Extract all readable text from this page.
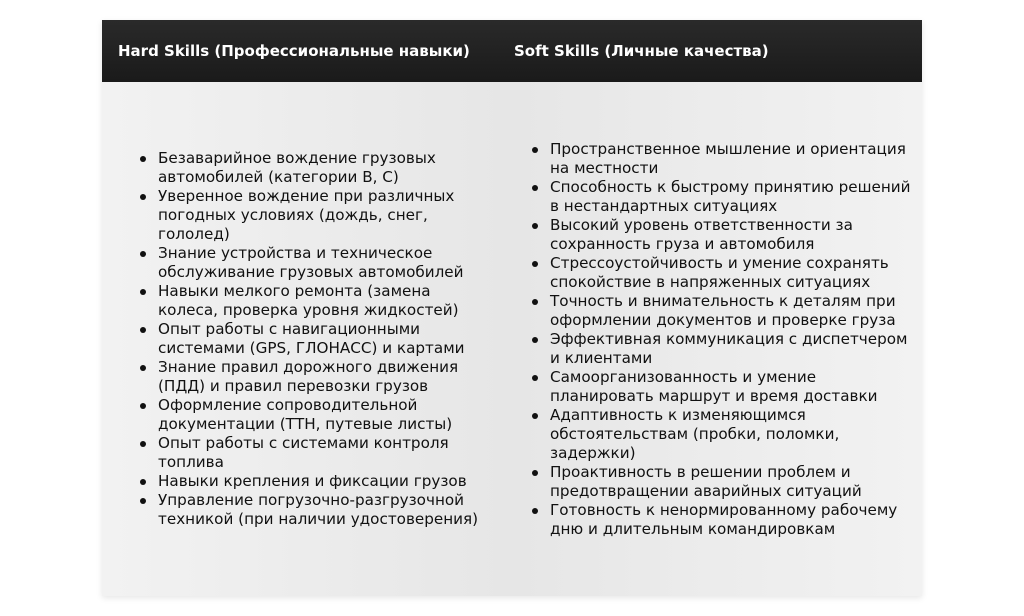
Hard Skills (Профессиональные навыки)	Soft Skills (Личные качества)
Безаварийное вождение грузовых автомобилей (категории B, C)
Уверенное вождение при различных погодных условиях (дождь, снег, гололед)
Знание устройства и техническое обслуживание грузовых автомобилей
Навыки мелкого ремонта (замена колеса, проверка уровня жидкостей)
Опыт работы с навигационными системами (GPS, ГЛОНАСС) и картами
Знание правил дорожного движения (ПДД) и правил перевозки грузов
Оформление сопроводительной документации (ТТН, путевые листы)
Опыт работы с системами контроля топлива
Навыки крепления и фиксации грузов
Управление погрузочно-разгрузочной техникой (при наличии удостоверения)
Пространственное мышление и ориентация на местности
Способность к быстрому принятию решений в нестандартных ситуациях
Высокий уровень ответственности за сохранность груза и автомобиля
Стрессоустойчивость и умение сохранять спокойствие в напряженных ситуациях
Точность и внимательность к деталям при оформлении документов и проверке груза
Эффективная коммуникация с диспетчером и клиентами
Самоорганизованность и умение планировать маршрут и время доставки
Адаптивность к изменяющимся обстоятельствам (пробки, поломки, задержки)
Проактивность в решении проблем и предотвращении аварийных ситуаций
Готовность к ненормированному рабочему дню и длительным командировкам
